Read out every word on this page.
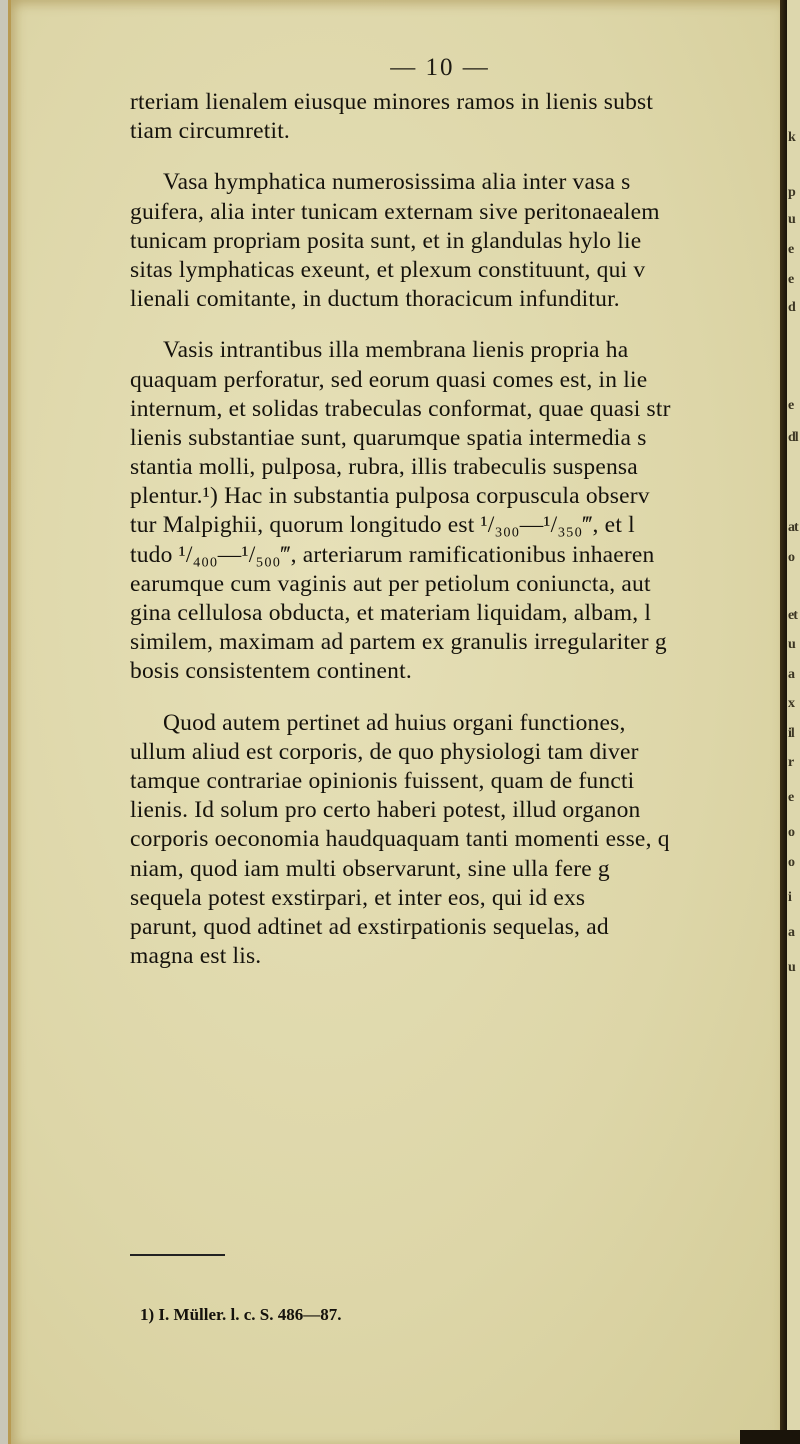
— 10 —
rteriam lienalem eiusque minores ramos in lienis subst
tiam circumretit.
Vasa hymphatica numerosissima alia inter vasa s
guifera, alia inter tunicam externam sive peritonaealem
tunicam propriam posita sunt, et in glandulas hylo lie
sitas lymphaticas exeunt, et plexum constituunt, qui v
lienali comitante, in ductum thoracicum infunditur.
Vasis intrantibus illa membrana lienis propria ha
quaquam perforatur, sed eorum quasi comes est, in lie
internum, et solidas trabeculas conformat, quae quasi str
lienis substantiae sunt, quarumque spatia intermedia s
stantia molli, pulposa, rubra, illis trabeculis suspensa
plentur.¹) Hac in substantia pulposa corpuscula observ
tur Malpighii, quorum longitudo est ¹/₃₀₀—¹/₃₅₀‴, et l
tudo ¹/₄₀₀—¹/₅₀₀‴, arteriarum ramificationibus inhaeren
earumque cum vaginis aut per petiolum coniuncta, aut
gina cellulosa obducta, et materiam liquidam, albam, l
similem, maximam ad partem ex granulis irregulariter g
bosis consistentem continent.
Quod autem pertinet ad huius organi functiones,
ullum aliud est corporis, de quo physiologi tam diver
tamque contrariae opinionis fuissent, quam de functi
lienis. Id solum pro certo haberi potest, illud organon
corporis oeconomia haudquaquam tanti momenti esse, q
niam, quod iam multi observarunt, sine ulla fere g
sequela potest exstirpari, et inter eos, qui id exs
parunt, quod adtinet ad exstirpationis sequelas, ad
magna est lis.
1) I. Müller. l. c. S. 486—87.
k
p
u
e
e
d
e
dl
at
o
et
u
a
x
il
r
e
o
o
i
a
u
